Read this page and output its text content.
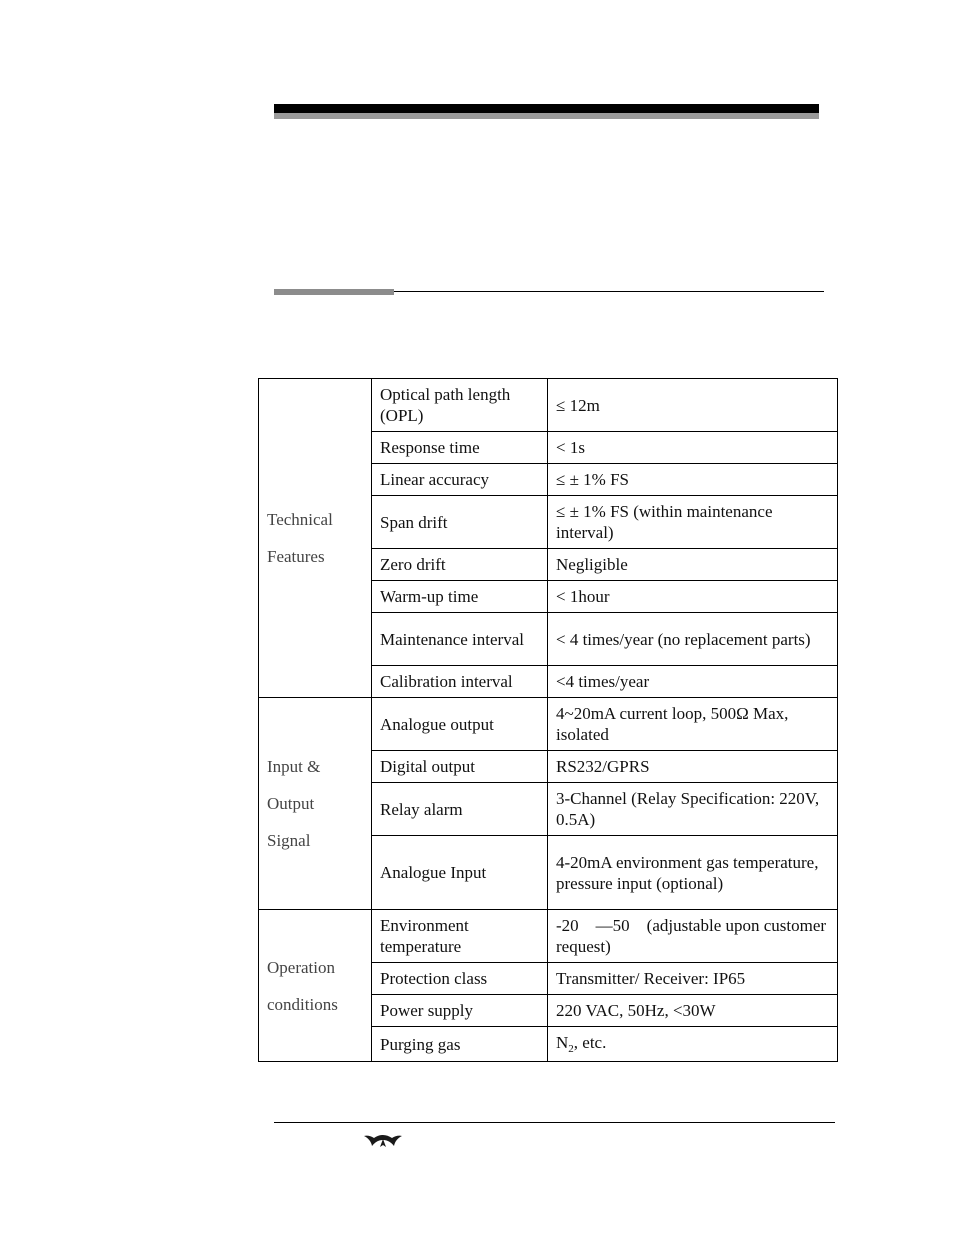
Technical
Features	Optical path length (OPL)	≤ 12m
	Response time	< 1s
	Linear accuracy	≤ ± 1% FS
	Span drift	≤ ± 1% FS (within maintenance interval)
	Zero drift	Negligible
	Warm-up time	< 1hour
	Maintenance interval	< 4 times/year (no replacement parts)
	Calibration interval	<4 times/year

Input &
Output
Signal	Analogue output	4~20mA current loop, 500Ω Max, isolated
	Digital output	RS232/GPRS
	Relay alarm	3-Channel (Relay Specification: 220V, 0.5A)
	Analogue Input	4-20mA environment gas temperature, pressure input (optional)

Operation
conditions	Environment temperature	-20    —50    (adjustable upon customer request)
	Protection class	Transmitter/ Receiver: IP65
	Power supply	220 VAC, 50Hz, <30W
	Purging gas	$N_2$, etc.
